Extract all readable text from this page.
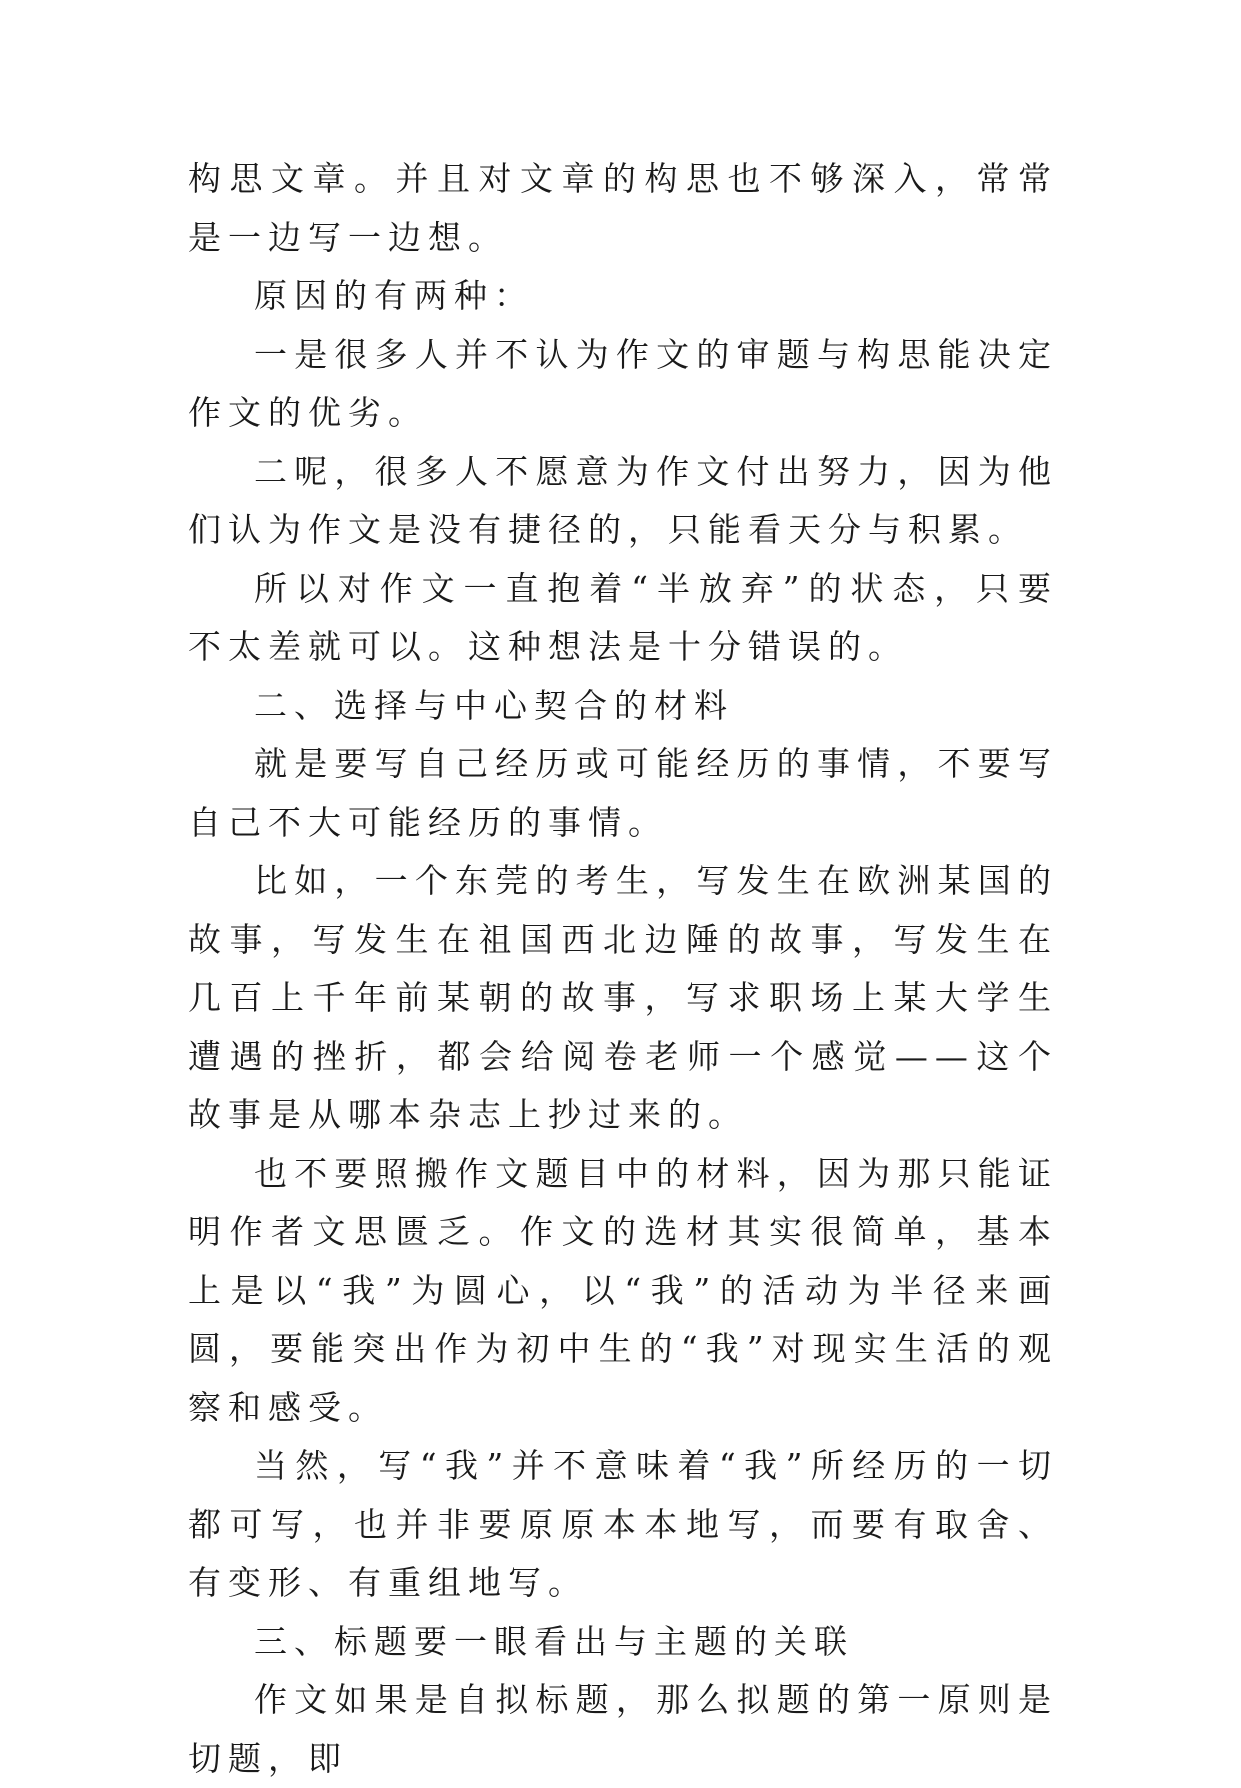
构思文章。并且对文章的构思也不够深入，常常是一边写一边想。

原因的有两种：

一是很多人并不认为作文的审题与构思能决定作文的优劣。

二呢，很多人不愿意为作文付出努力，因为他们认为作文是没有捷径的，只能看天分与积累。

所以对作文一直抱着“半放弃”的状态，只要不太差就可以。这种想法是十分错误的。

二、选择与中心契合的材料

就是要写自己经历或可能经历的事情，不要写自己不大可能经历的事情。

比如，一个东莞的考生，写发生在欧洲某国的故事，写发生在祖国西北边陲的故事，写发生在几百上千年前某朝的故事，写求职场上某大学生遭遇的挫折，都会给阅卷老师一个感觉——这个故事是从哪本杂志上抄过来的。

也不要照搬作文题目中的材料，因为那只能证明作者文思匮乏。作文的选材其实很简单，基本上是以“我”为圆心，以“我”的活动为半径来画圆，要能突出作为初中生的“我”对现实生活的观察和感受。

当然，写“我”并不意味着“我”所经历的一切都可写，也并非要原原本本地写，而要有取舍、有变形、有重组地写。

三、标题要一眼看出与主题的关联

作文如果是自拟标题，那么拟题的第一原则是切题，即
